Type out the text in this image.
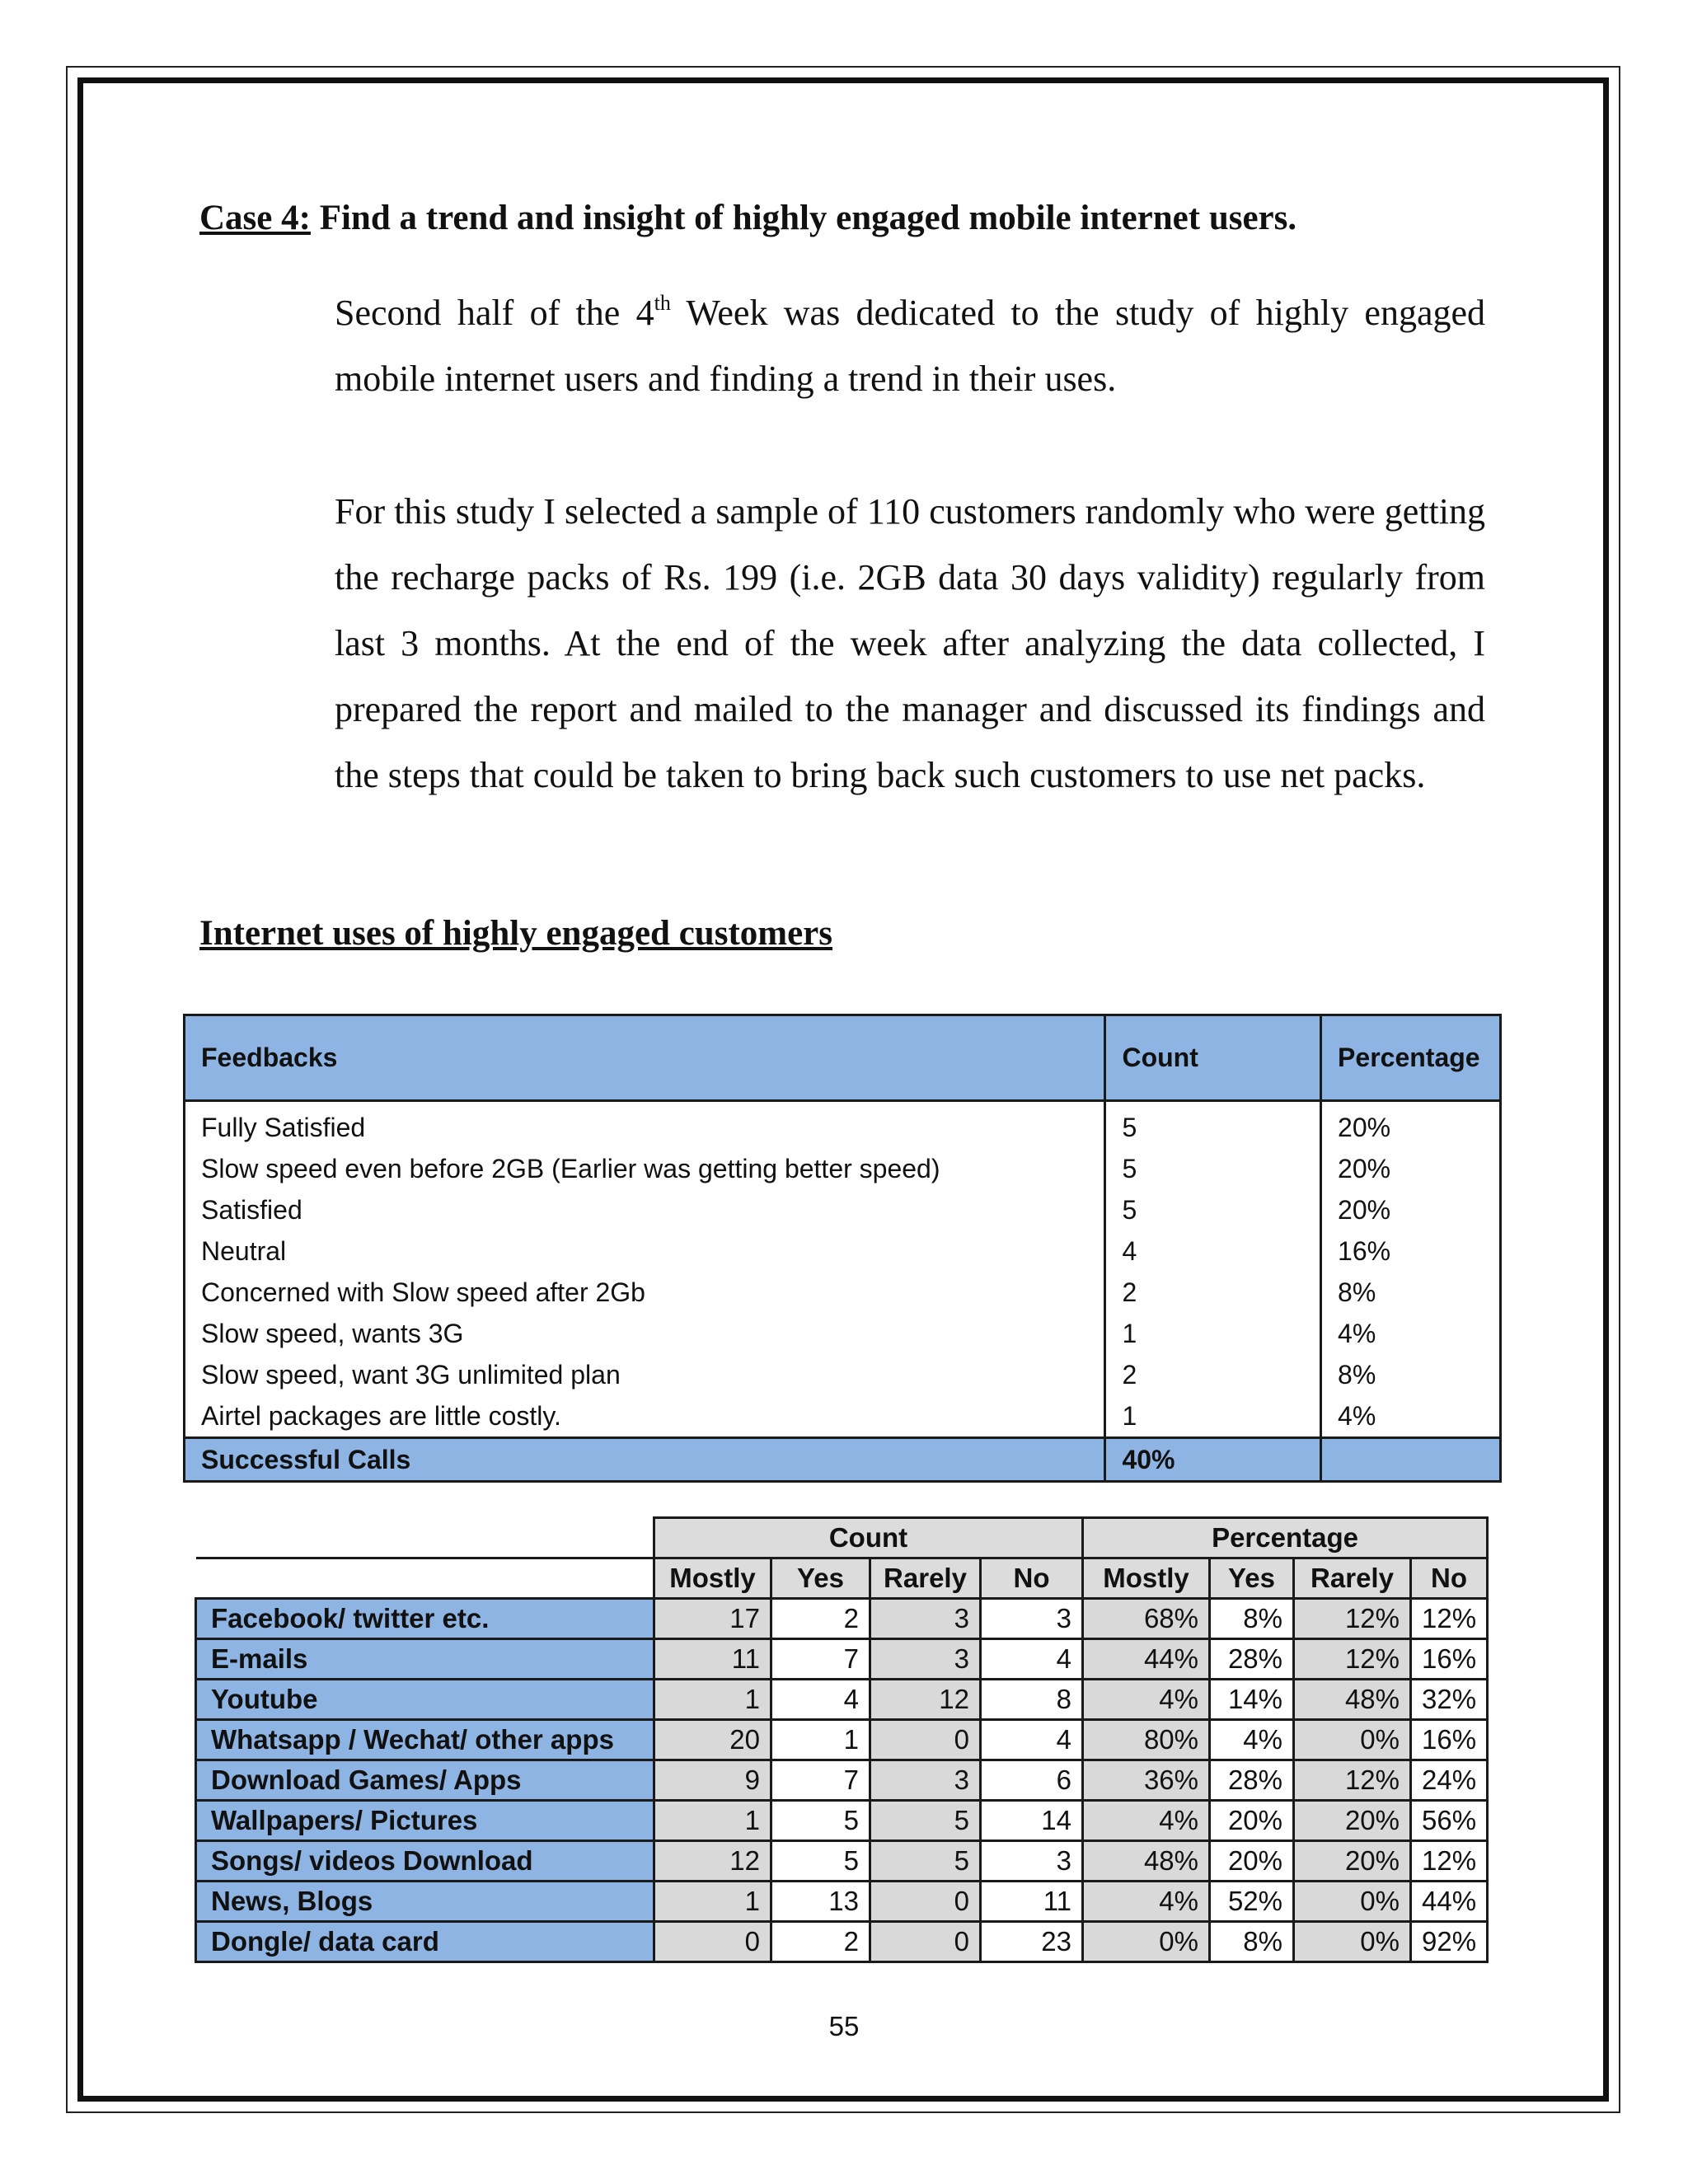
Case 4: Find a trend and insight of highly engaged mobile internet users.

Second half of the 4th Week was dedicated to the study of highly engaged mobile internet users and finding a trend in their uses.

For this study I selected a sample of 110 customers randomly who were getting the recharge packs of Rs. 199 (i.e. 2GB data 30 days validity) regularly from last 3 months. At the end of the week after analyzing the data collected, I prepared the report and mailed to the manager and discussed its findings and the steps that could be taken to bring back such customers to use net packs.

Internet uses of highly engaged customers
Feedbacks	Count	Percentage
Fully Satisfied	5	20%
Slow speed even before 2GB (Earlier was getting better speed)	5	20%
Satisfied	5	20%
Neutral	4	16%
Concerned with Slow speed after 2Gb	2	8%
Slow speed, wants 3G	1	4%
Slow speed, want 3G unlimited plan	2	8%
Airtel packages are little costly.	1	4%
Successful Calls	40%	
	Count				Percentage			
	Mostly	Yes	Rarely	No	Mostly	Yes	Rarely	No
Facebook/ twitter etc.	17	2	3	3	68%	8%	12%	12%
E-mails	11	7	3	4	44%	28%	12%	16%
Youtube	1	4	12	8	4%	14%	48%	32%
Whatsapp / Wechat/ other apps	20	1	0	4	80%	4%	0%	16%
Download Games/ Apps	9	7	3	6	36%	28%	12%	24%
Wallpapers/ Pictures	1	5	5	14	4%	20%	20%	56%
Songs/ videos Download	12	5	5	3	48%	20%	20%	12%
News, Blogs	1	13	0	11	4%	52%	0%	44%
Dongle/ data card	0	2	0	23	0%	8%	0%	92%
55
